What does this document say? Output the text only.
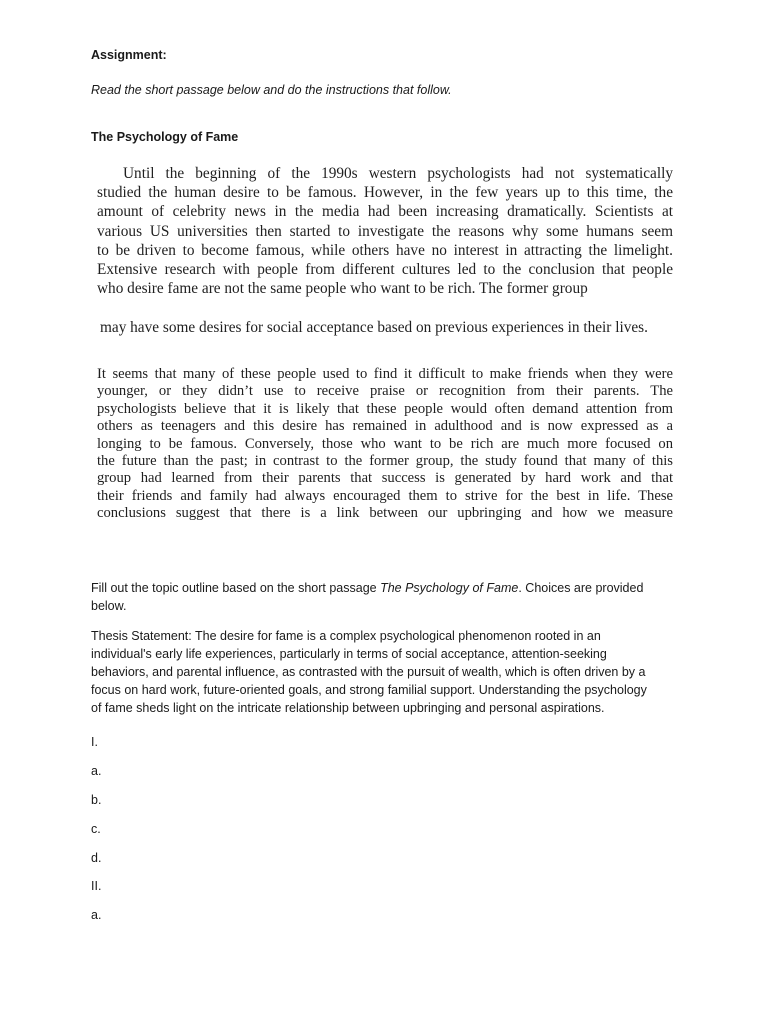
Assignment:
Read the short passage below and do the instructions that follow.
The Psychology of Fame
Until the beginning of the 1990s western psychologists had not systematically
studied the human desire to be famous. However, in the few years up to this time, the
amount of celebrity news in the media had been increasing dramatically. Scientists at
various US universities then started to investigate the reasons why some humans seem
to be driven to become famous, while others have no interest in attracting the limelight.
Extensive research with people from different cultures led to the conclusion that people
who desire fame are not the same people who want to be rich. The former group
may have some desires for social acceptance based on previous experiences in their lives.
It seems that many of these people used to find it difficult to make friends when they were
younger, or they didn’t use to receive praise or recognition from their parents. The
psychologists believe that it is likely that these people would often demand attention from
others as teenagers and this desire has remained in adulthood and is now expressed as a
longing to be famous. Conversely, those who want to be rich are much more focused on
the future than the past; in contrast to the former group, the study found that many of this
group had learned from their parents that success is generated by hard work and that
their friends and family had always encouraged them to strive for the best in life. These
conclusions suggest that there is a link between our upbringing and how we measure
Fill out the topic outline based on the short passage The Psychology of Fame. Choices are provided below.
Thesis Statement: The desire for fame is a complex psychological phenomenon rooted in an individual's early life experiences, particularly in terms of social acceptance, attention-seeking behaviors, and parental influence, as contrasted with the pursuit of wealth, which is often driven by a focus on hard work, future-oriented goals, and strong familial support. Understanding the psychology of fame sheds light on the intricate relationship between upbringing and personal aspirations.
I.
a.
b.
c.
d.
II.
a.
